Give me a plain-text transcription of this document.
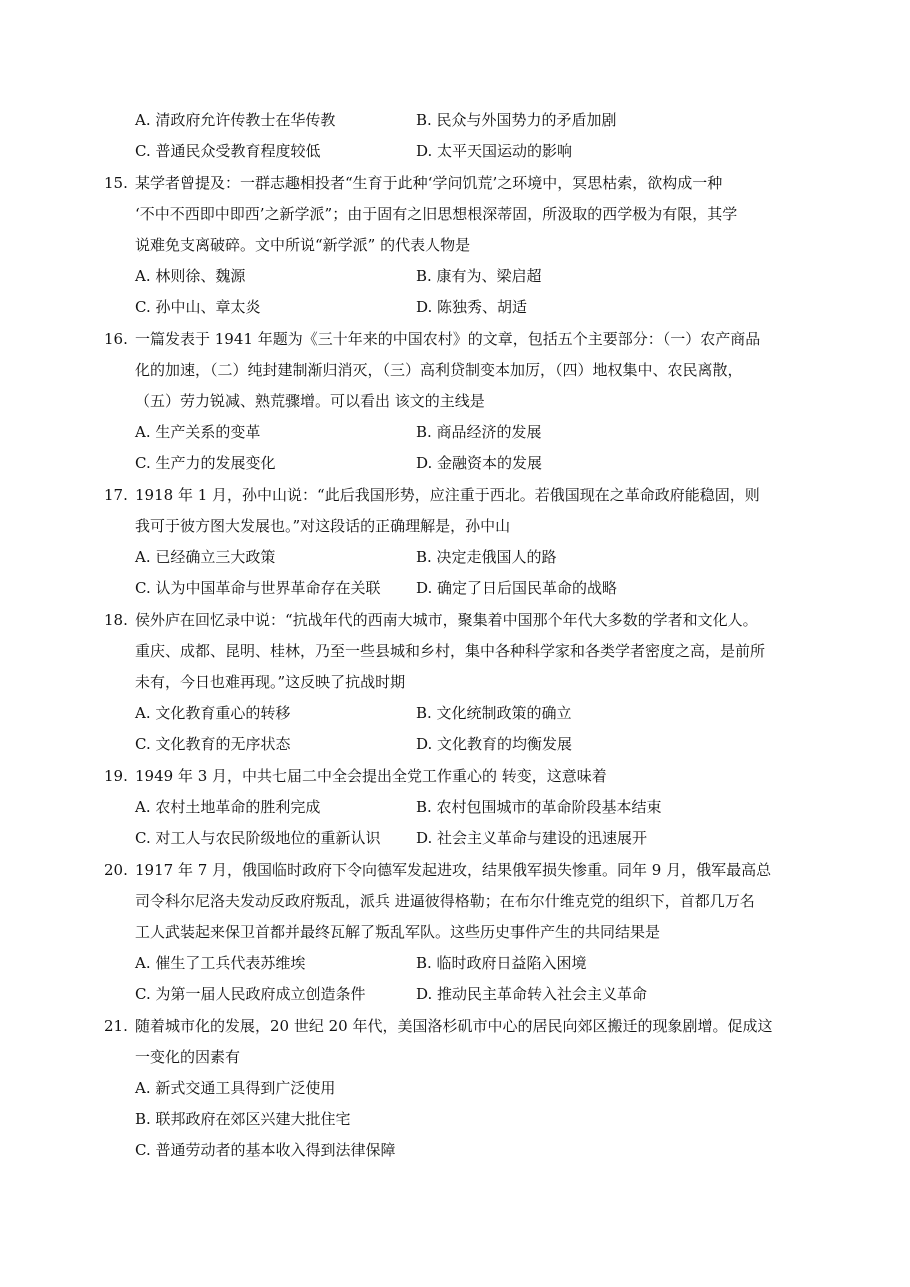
A. 清政府允许传教士在华传教	B. 民众与外国势力的矛盾加剧
C. 普通民众受教育程度较低	D. 太平天国运动的影响
15. 某学者曾提及：一群志趣相投者“生育于此种‘学问饥荒’之环境中，冥思枯索，欲构成一种
‘不中不西即中即西’之新学派”；由于固有之旧思想根深蒂固，所汲取的西学极为有限，其学
说难免支离破碎。文中所说“新学派” 的代表人物是
A. 林则徐、魏源	B. 康有为、梁启超
C. 孙中山、章太炎	D. 陈独秀、胡适
16. 一篇发表于 1941 年题为《三十年来的中国农村》的文章，包括五个主要部分：（一）农产商品
化的加速，（二）纯封建制渐归消灭，（三）高利贷制变本加厉，（四）地权集中、农民离散，
（五）劳力锐减、熟荒骤增。可以看出 该文的主线是
A. 生产关系的变革	B. 商品经济的发展
C. 生产力的发展变化	D. 金融资本的发展
17. 1918 年 1 月，孙中山说：“此后我国形势，应注重于西北。若俄国现在之革命政府能稳固，则
我可于彼方图大发展也。”对这段话的正确理解是，孙中山
A. 已经确立三大政策	B. 决定走俄国人的路
C. 认为中国革命与世界革命存在关联 D. 确定了日后国民革命的战略
18. 侯外庐在回忆录中说：“抗战年代的西南大城市，聚集着中国那个年代大多数的学者和文化人。
重庆、成都、昆明、桂林，乃至一些县城和乡村，集中各种科学家和各类学者密度之高，是前所
未有，今日也难再现。”这反映了抗战时期
A. 文化教育重心的转移	B. 文化统制政策的确立
C. 文化教育的无序状态	D. 文化教育的均衡发展
19. 1949 年 3 月，中共七届二中全会提出全党工作重心的 转变，这意味着
A. 农村土地革命的胜利完成	B. 农村包围城市的革命阶段基本结束
C. 对工人与农民阶级地位的重新认识 D. 社会主义革命与建设的迅速展开
20. 1917 年 7 月，俄国临时政府下令向德军发起进攻，结果俄军损失惨重。同年 9 月，俄军最高总
司令科尔尼洛夫发动反政府叛乱，派兵 进逼彼得格勒；在布尔什维克党的组织下，首都几万名
工人武装起来保卫首都并最终瓦解了叛乱军队。这些历史事件产生的共同结果是
A. 催生了工兵代表苏维埃	B. 临时政府日益陷入困境
C. 为第一届人民政府成立创造条件	D. 推动民主革命转入社会主义革命
21. 随着城市化的发展，20 世纪 20 年代，美国洛杉矶市中心的居民向郊区搬迁的现象剧增。促成这
一变化的因素有
A. 新式交通工具得到广泛使用
B. 联邦政府在郊区兴建大批住宅
C. 普通劳动者的基本收入得到法律保障
